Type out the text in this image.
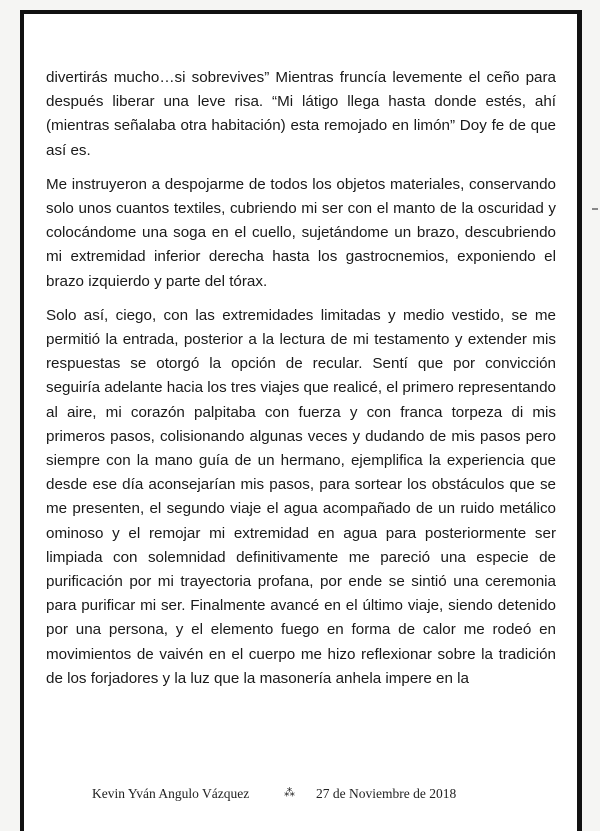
divertirás mucho…si sobrevives” Mientras fruncía levemente el ceño para después liberar una leve risa. “Mi látigo llega hasta donde estés, ahí (mientras señalaba otra habitación) esta remojado en limón” Doy fe de que así es.

Me instruyeron a despojarme de todos los objetos materiales, conservando solo unos cuantos textiles, cubriendo mi ser con el manto de la oscuridad y colocándome una soga en el cuello, sujetándome un brazo, descubriendo mi extremidad inferior derecha hasta los gastrocnemios, exponiendo el brazo izquierdo y parte del tórax.

Solo así, ciego, con las extremidades limitadas y medio vestido, se me permitió la entrada, posterior a la lectura de mi testamento y extender mis respuestas se otorgó la opción de recular. Sentí que por convicción seguiría adelante hacia los tres viajes que realicé, el primero representando al aire, mi corazón palpitaba con fuerza y con franca torpeza di mis primeros pasos, colisionando algunas veces y dudando de mis pasos pero siempre con la mano guía de un hermano, ejemplifica la experiencia que desde ese día aconsejarían mis pasos, para sortear los obstáculos que se me presenten, el segundo viaje el agua acompañado de un ruido metálico ominoso y el remojar mi extremidad en agua para posteriormente ser limpiada con solemnidad definitivamente me pareció una especie de purificación por mi trayectoria profana, por ende se sintió una ceremonia para purificar mi ser. Finalmente avancé en el último viaje, siendo detenido por una persona, y el elemento fuego en forma de calor me rodeó en movimientos de vaivén en el cuerpo me hizo reflexionar sobre la tradición de los forjadores y la luz que la masonería anhela impere en la

Kevin Yván Angulo Vázquez	⁂ 27 de Noviembre de 2018
